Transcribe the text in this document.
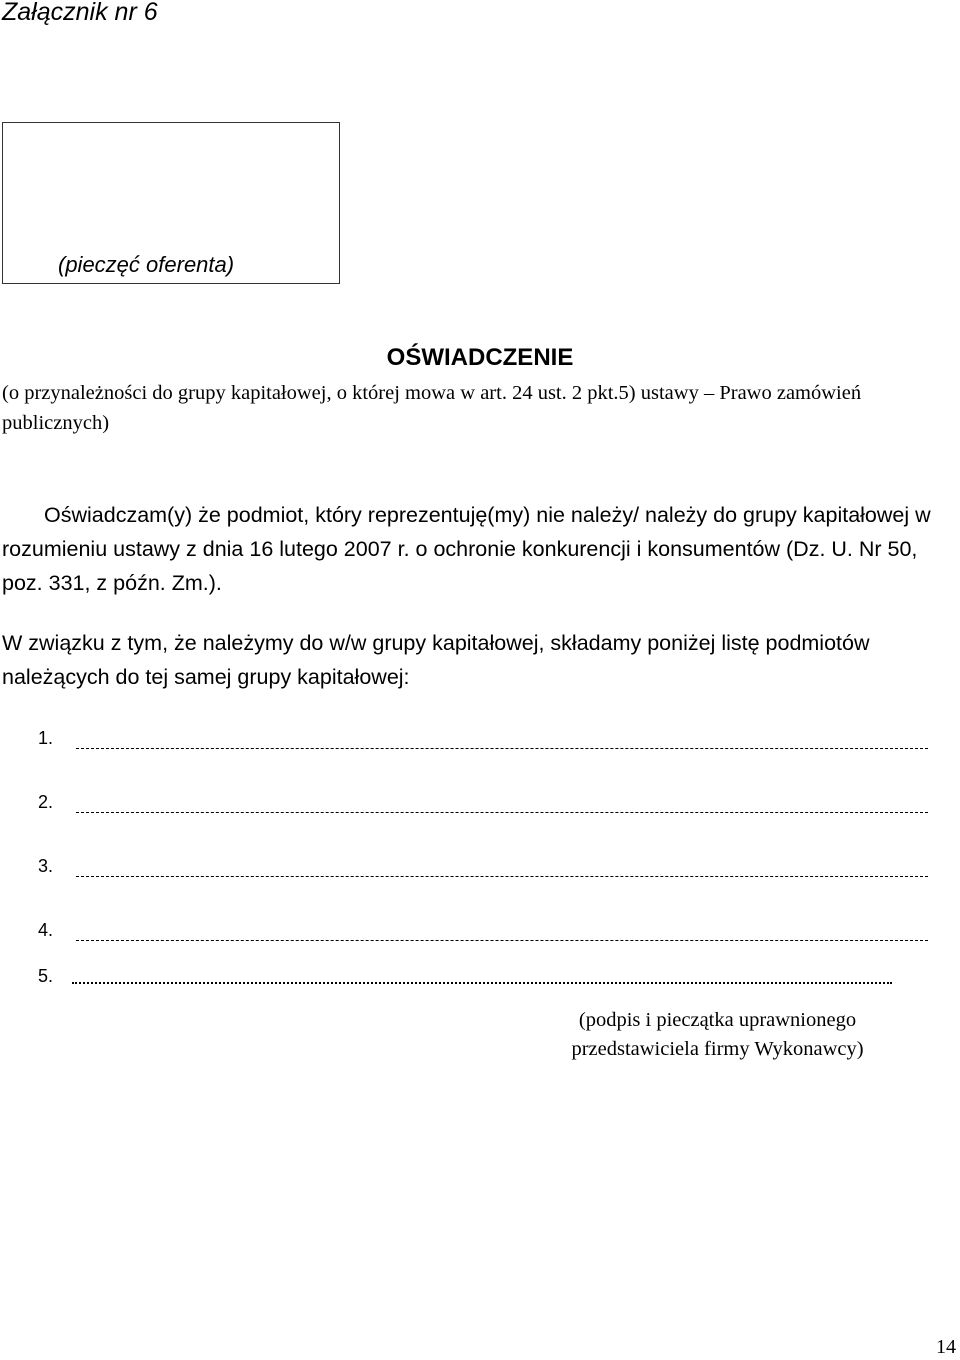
Załącznik nr 6
(pieczęć oferenta)
OŚWIADCZENIE
(o przynależności do grupy kapitałowej, o której mowa w art. 24 ust. 2 pkt.5) ustawy – Prawo zamówień publicznych)
Oświadczam(y) że podmiot, który reprezentuję(my) nie należy/ należy do grupy kapitałowej w rozumieniu ustawy z dnia 16 lutego 2007 r. o ochronie konkurencji i konsumentów (Dz. U. Nr 50, poz. 331, z późn. Zm.).
W związku z tym, że należymy do w/w grupy kapitałowej, składamy poniżej listę podmiotów należących do tej samej grupy kapitałowej:
1.
2.
3.
4.
5.
(podpis i pieczątka uprawnionego przedstawiciela firmy Wykonawcy)
14
